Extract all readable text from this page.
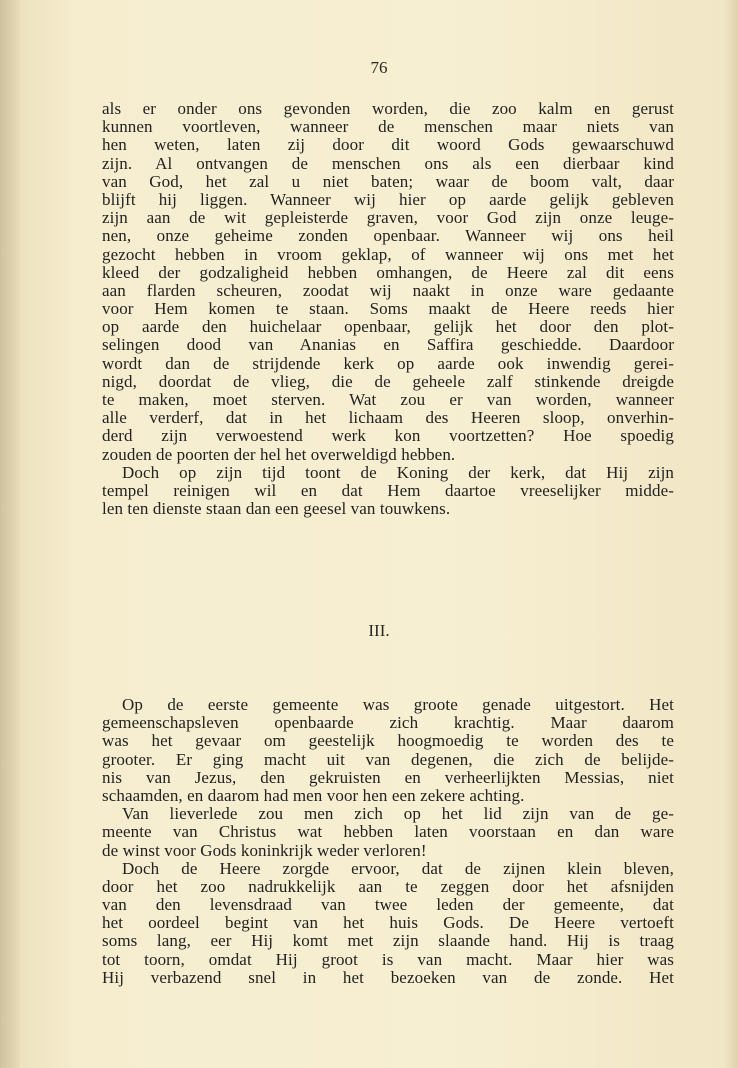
76
als er onder ons gevonden worden, die zoo kalm en gerust
kunnen voortleven, wanneer de menschen maar niets van
hen weten, laten zij door dit woord Gods gewaarschuwd
zijn. Al ontvangen de menschen ons als een dierbaar kind
van God, het zal u niet baten; waar de boom valt, daar
blijft hij liggen. Wanneer wij hier op aarde gelijk gebleven
zijn aan de wit gepleisterde graven, voor God zijn onze leuge-
nen, onze geheime zonden openbaar. Wanneer wij ons heil
gezocht hebben in vroom geklap, of wanneer wij ons met het
kleed der godzaligheid hebben omhangen, de Heere zal dit eens
aan flarden scheuren, zoodat wij naakt in onze ware gedaante
voor Hem komen te staan. Soms maakt de Heere reeds hier
op aarde den huichelaar openbaar, gelijk het door den plot-
selingen dood van Ananias en Saffira geschiedde. Daardoor
wordt dan de strijdende kerk op aarde ook inwendig gerei-
nigd, doordat de vlieg, die de geheele zalf stinkende dreigde
te maken, moet sterven. Wat zou er van worden, wanneer
alle verderf, dat in het lichaam des Heeren sloop, onverhin-
derd zijn verwoestend werk kon voortzetten? Hoe spoedig
zouden de poorten der hel het overweldigd hebben.
Doch op zijn tijd toont de Koning der kerk, dat Hij zijn
tempel reinigen wil en dat Hem daartoe vreeselijker midde-
len ten dienste staan dan een geesel van touwkens.
III.
Op de eerste gemeente was groote genade uitgestort. Het
gemeenschapsleven openbaarde zich krachtig. Maar daarom
was het gevaar om geestelijk hoogmoedig te worden des te
grooter. Er ging macht uit van degenen, die zich de belijde-
nis van Jezus, den gekruisten en verheerlijkten Messias, niet
schaamden, en daarom had men voor hen een zekere achting.
Van lieverlede zou men zich op het lid zijn van de ge-
meente van Christus wat hebben laten voorstaan en dan ware
de winst voor Gods koninkrijk weder verloren!
Doch de Heere zorgde ervoor, dat de zijnen klein bleven,
door het zoo nadrukkelijk aan te zeggen door het afsnijden
van den levensdraad van twee leden der gemeente, dat
het oordeel begint van het huis Gods. De Heere vertoeft
soms lang, eer Hij komt met zijn slaande hand. Hij is traag
tot toorn, omdat Hij groot is van macht. Maar hier was
Hij verbazend snel in het bezoeken van de zonde. Het
